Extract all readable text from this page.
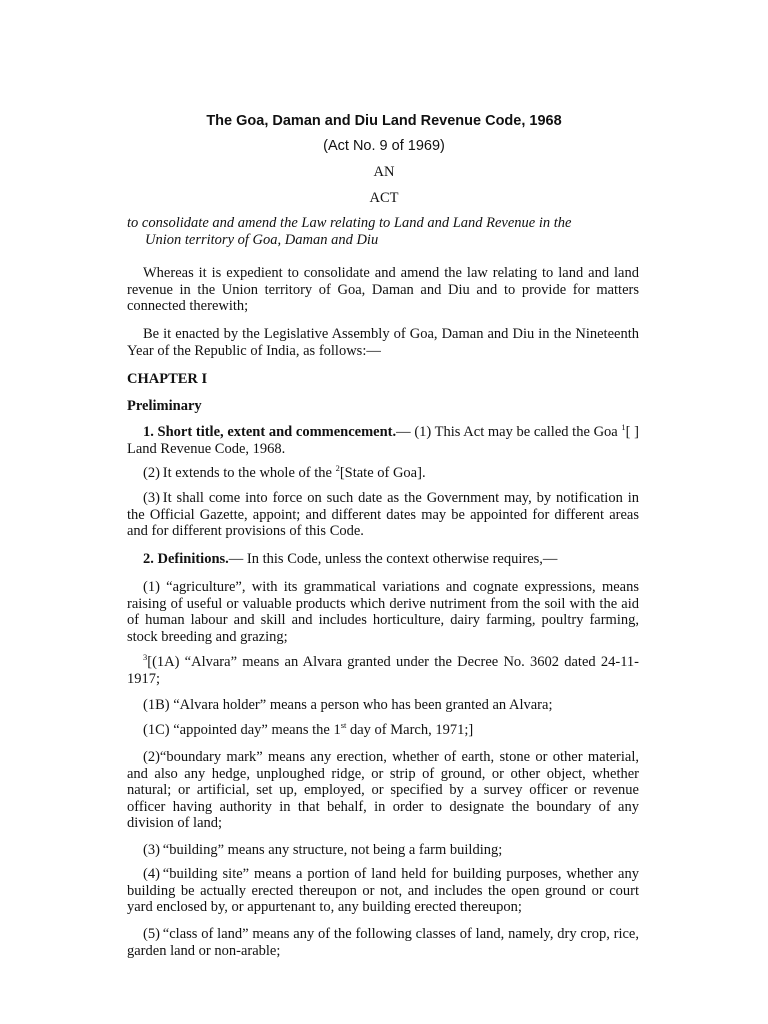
The Goa, Daman and Diu Land Revenue Code, 1968
(Act No. 9 of 1969)
AN
ACT
to consolidate and amend the Law relating to Land and Land Revenue in the
Union territory of Goa, Daman and Diu

Whereas it is expedient to consolidate and amend the law relating to land and land revenue in the Union territory of Goa, Daman and Diu and to provide for matters connected therewith;

Be it enacted by the Legislative Assembly of Goa, Daman and Diu in the Nineteenth Year of the Republic of India, as follows:—

CHAPTER I
Preliminary

1. Short title, extent and commencement.— (1) This Act may be called the Goa $^1$[ ] Land Revenue Code, 1968.

(2) It extends to the whole of the $^2$[State of Goa].

(3) It shall come into force on such date as the Government may, by notification in the Official Gazette, appoint; and different dates may be appointed for different areas and for different provisions of this Code.

2. Definitions.— In this Code, unless the context otherwise requires,—

(1) “agriculture”, with its grammatical variations and cognate expressions, means raising of useful or valuable products which derive nutriment from the soil with the aid of human labour and skill and includes horticulture, dairy farming, poultry farming, stock breeding and grazing;

$^3$[(1A) “Alvara” means an Alvara granted under the Decree No. 3602 dated 24-11-1917;

(1B) “Alvara holder” means a person who has been granted an Alvara;

(1C) “appointed day” means the 1st day of March, 1971;]

(2)“boundary mark” means any erection, whether of earth, stone or other material, and also any hedge, unploughed ridge, or strip of ground, or other object, whether natural; or artificial, set up, employed, or specified by a survey officer or revenue officer having authority in that behalf, in order to designate the boundary of any division of land;

(3) “building” means any structure, not being a farm building;

(4) “building site” means a portion of land held for building purposes, whether any building be actually erected thereupon or not, and includes the open ground or court yard enclosed by, or appurtenant to, any building erected thereupon;

(5) “class of land” means any of the following classes of land, namely, dry crop, rice, garden land or non-arable;
